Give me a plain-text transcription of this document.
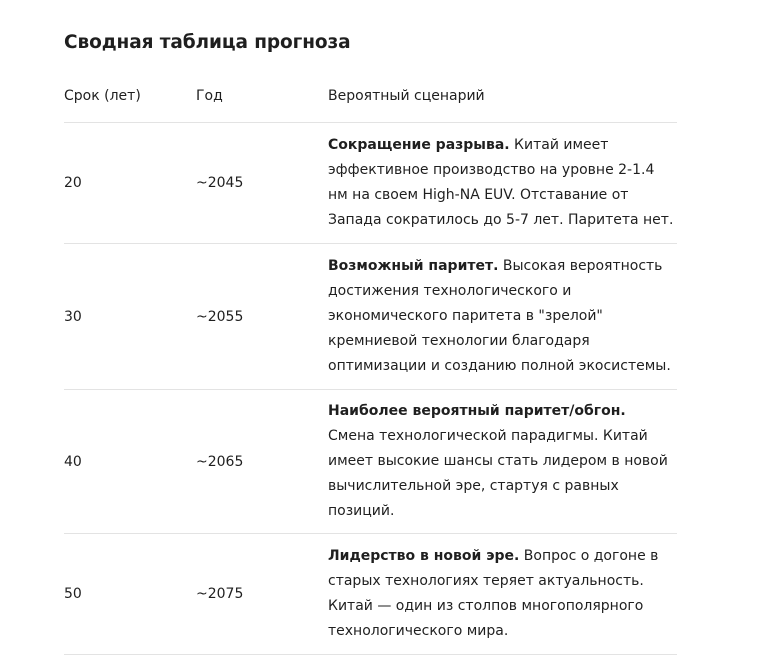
Сводная таблица прогноза
Срок (лет)	Год	Вероятный сценарий
20	~2045	Сокращение разрыва. Китай имеет эффективное производство на уровне 2-1.4 нм на своем High-NA EUV. Отставание от Запада сократилось до 5-7 лет. Паритета нет.
30	~2055	Возможный паритет. Высокая вероятность достижения технологического и экономического паритета в "зрелой" кремниевой технологии благодаря оптимизации и созданию полной экосистемы.
40	~2065	Наиболее вероятный паритет/обгон. Смена технологической парадигмы. Китай имеет высокие шансы стать лидером в новой вычислительной эре, стартуя с равных позиций.
50	~2075	Лидерство в новой эре. Вопрос о догоне в старых технологиях теряет актуальность. Китай — один из столпов многополярного технологического мира.
